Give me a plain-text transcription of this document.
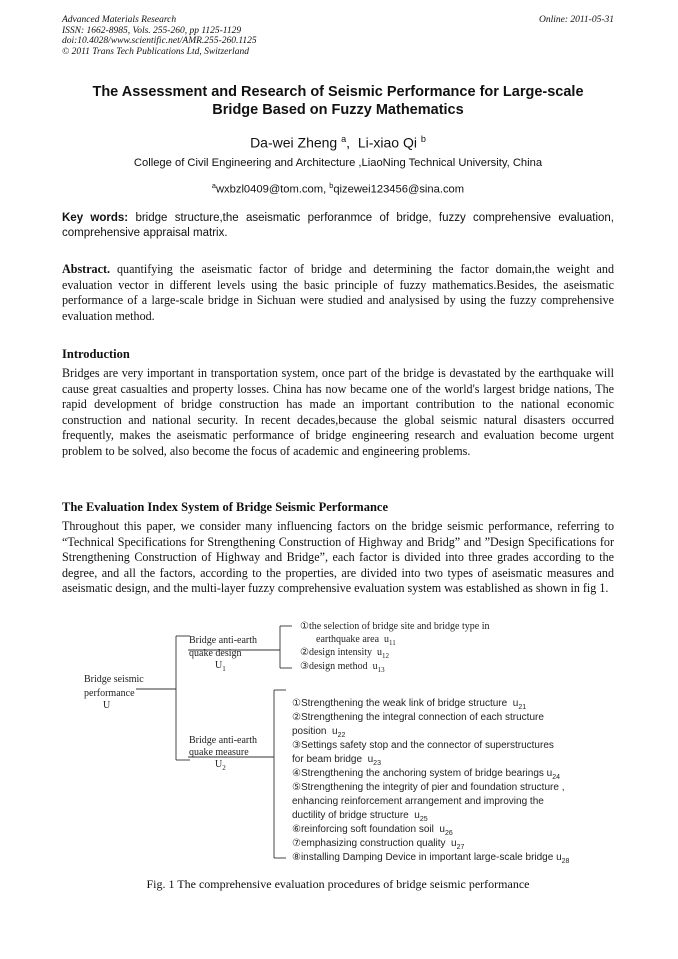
Advanced Materials Research
ISSN: 1662-8985, Vols. 255-260, pp 1125-1129
doi:10.4028/www.scientific.net/AMR.255-260.1125
© 2011 Trans Tech Publications Ltd, Switzerland
Online: 2011-05-31
The Assessment and Research of Seismic Performance for Large-scale
Bridge Based on Fuzzy Mathematics
Da-wei Zheng $^a$,  Li-xiao Qi $^b$
College of Civil Engineering and Architecture ,LiaoNing Technical University, China
$^a$wxbzl0409@tom.com, $^b$qizewei123456@sina.com
Key words: bridge structure,the aseismatic perforanmce of bridge, fuzzy comprehensive evaluation, comprehensive appraisal matrix.
Abstract. quantifying the aseismatic factor of bridge and determining the factor domain,the weight and evaluation vector in different levels using the basic principle of fuzzy mathematics.Besides, the aseismatic performance of a large-scale bridge in Sichuan were studied and analysised by using the fuzzy comprehensive evaluation method.
Introduction
Bridges are very important in transportation system, once part of the bridge is devastated by the earthquake will cause great casualties and property losses. China has now became one of the world's largest bridge nations, The rapid development of bridge construction has made an important contribution to the national economic construction and national security. In recent decades,because the global seismic natural disasters occurred frequently, makes the aseismatic performance of bridge engineering research and evaluation become urgent problem to be solved, also become the focus of academic and engineering problems.
The Evaluation Index System of Bridge Seismic Performance
Throughout this paper, we consider many influencing factors on the bridge seismic performance, referring to “Technical Specifications for Strengthening Construction of Highway and Bridg” and ”Design Specifications for Strengthening Construction of Highway and Bridge”, each factor is divided into three grades according to the degree, and all the factors, according to the properties, are divided into two types of aseismatic measures and aseismatic design, and the multi-layer fuzzy comprehensive evaluation system was established as shown in fig 1.
Bridge seismic
performance
U
Bridge anti-earth
quake design
$U_1$
Bridge anti-earth
quake measure
$U_2$
①the selection of bridge site and bridge type in
earthquake area  $u_{11}$
②design intensity  $u_{12}$
③design method  $u_{13}$
①Strengthening the weak link of bridge structure  $u_{21}$
②Strengthening the integral connection of each structure
position  $u_{22}$
③Settings safety stop and the connector of superstructures
for beam bridge  $u_{23}$
④Strengthening the anchoring system of bridge bearings $u_{24}$
⑤Strengthening the integrity of pier and foundation structure ,
enhancing reinforcement arrangement and improving the
ductility of bridge structure  $u_{25}$
⑥reinforcing soft foundation soil  $u_{26}$
⑦emphasizing construction quality  $u_{27}$
⑧installing Damping Device in important large-scale bridge $u_{28}$
Fig. 1 The comprehensive evaluation procedures of bridge seismic performance
